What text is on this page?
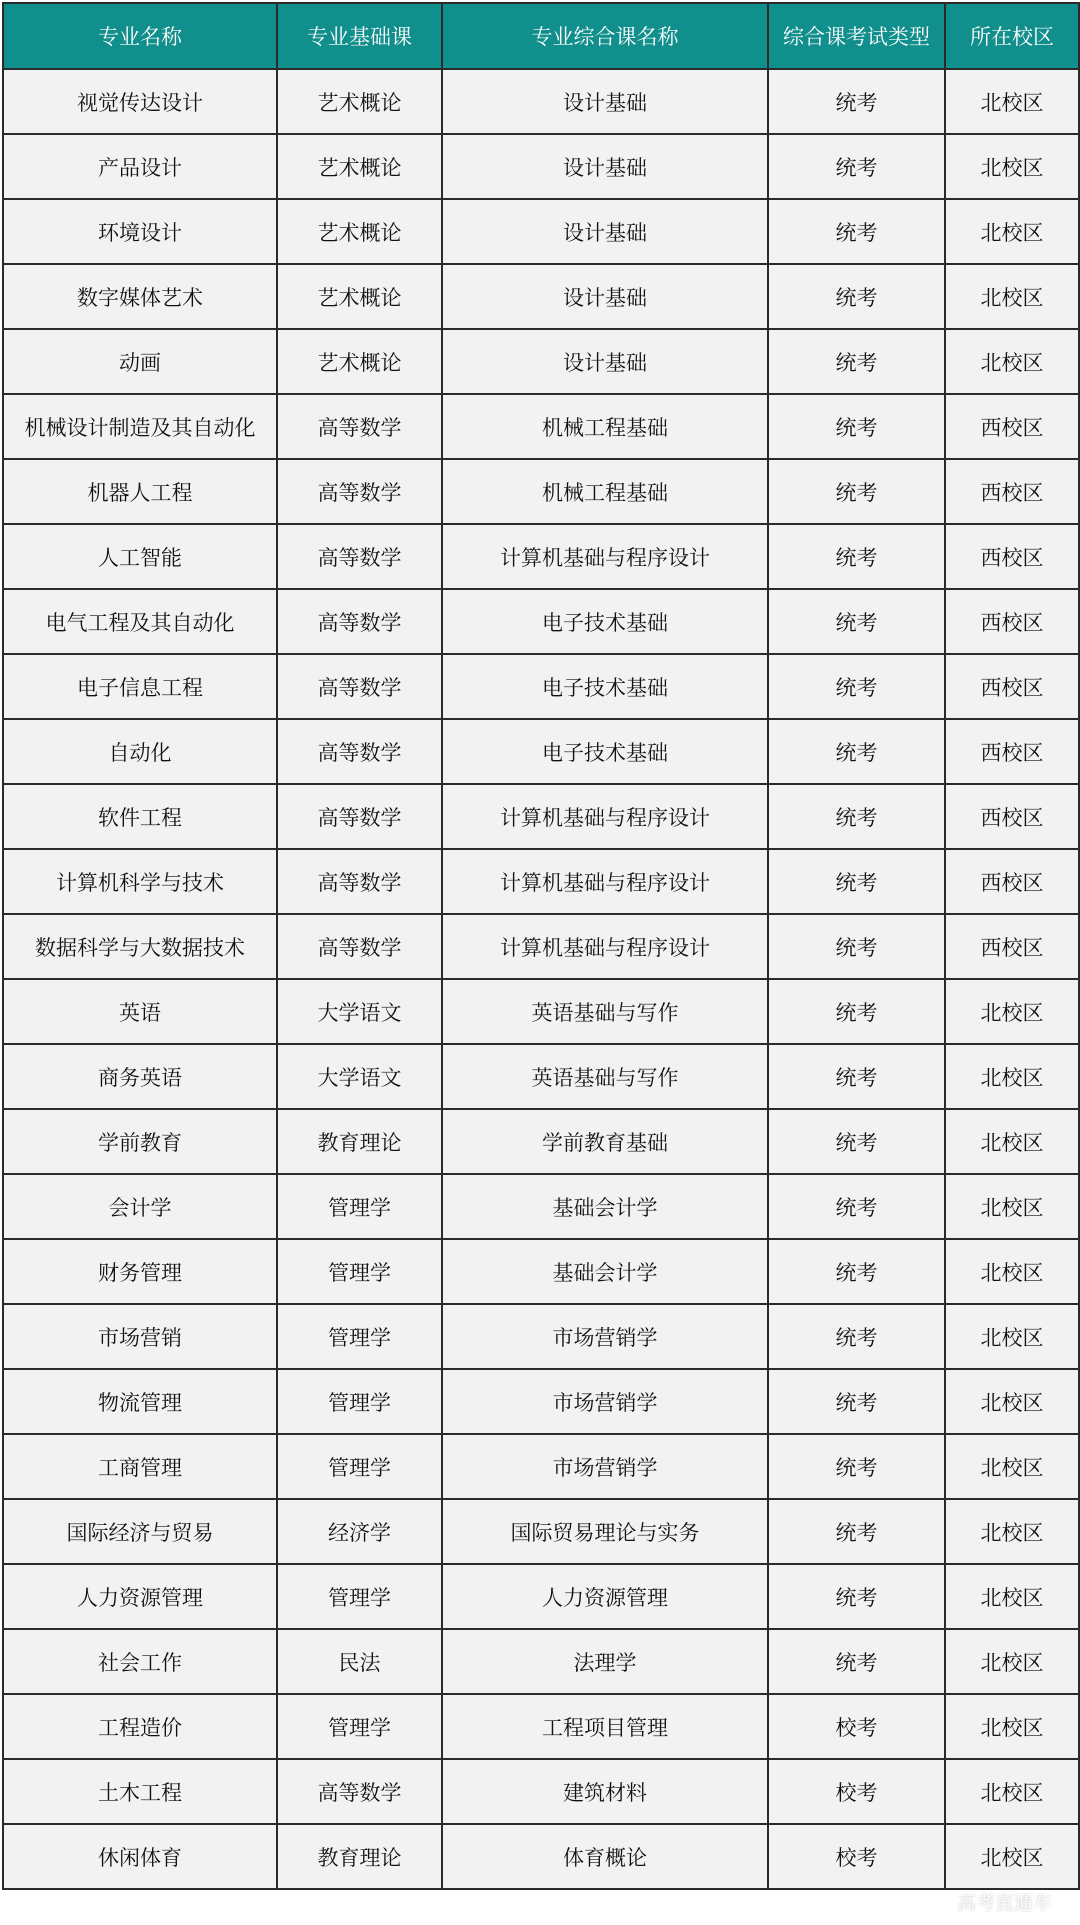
专业名称	专业基础课	专业综合课名称	综合课考试类型	所在校区
视觉传达设计	艺术概论	设计基础	统考	北校区
产品设计	艺术概论	设计基础	统考	北校区
环境设计	艺术概论	设计基础	统考	北校区
数字媒体艺术	艺术概论	设计基础	统考	北校区
动画	艺术概论	设计基础	统考	北校区
机械设计制造及其自动化	高等数学	机械工程基础	统考	西校区
机器人工程	高等数学	机械工程基础	统考	西校区
人工智能	高等数学	计算机基础与程序设计	统考	西校区
电气工程及其自动化	高等数学	电子技术基础	统考	西校区
电子信息工程	高等数学	电子技术基础	统考	西校区
自动化	高等数学	电子技术基础	统考	西校区
软件工程	高等数学	计算机基础与程序设计	统考	西校区
计算机科学与技术	高等数学	计算机基础与程序设计	统考	西校区
数据科学与大数据技术	高等数学	计算机基础与程序设计	统考	西校区
英语	大学语文	英语基础与写作	统考	北校区
商务英语	大学语文	英语基础与写作	统考	北校区
学前教育	教育理论	学前教育基础	统考	北校区
会计学	管理学	基础会计学	统考	北校区
财务管理	管理学	基础会计学	统考	北校区
市场营销	管理学	市场营销学	统考	北校区
物流管理	管理学	市场营销学	统考	北校区
工商管理	管理学	市场营销学	统考	北校区
国际经济与贸易	经济学	国际贸易理论与实务	统考	北校区
人力资源管理	管理学	人力资源管理	统考	北校区
社会工作	民法	法理学	统考	北校区
工程造价	管理学	工程项目管理	校考	北校区
土木工程	高等数学	建筑材料	校考	北校区
休闲体育	教育理论	体育概论	校考	北校区
高考直通车
